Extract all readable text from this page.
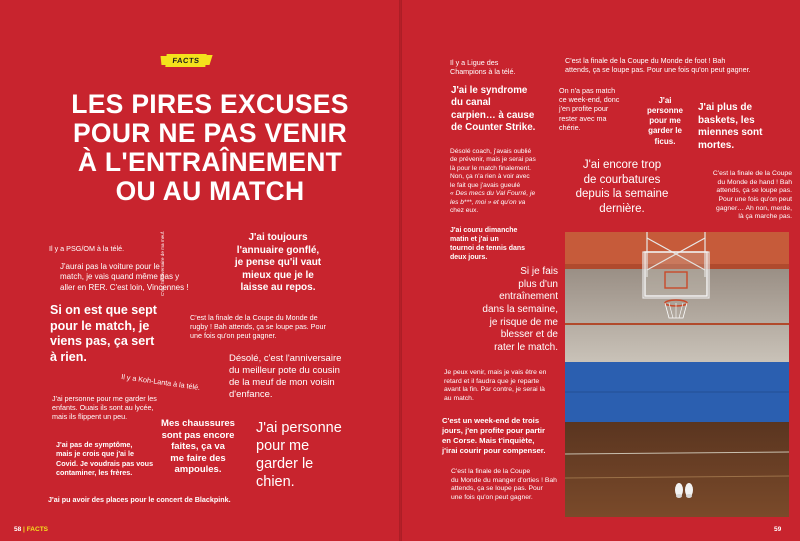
FACTS
LES PIRES EXCUSES
POUR NE PAS VENIR
À L'ENTRAÎNEMENT
OU AU MATCH

Il y a PSG/OM à la télé.

J'aurai pas la voiture pour le
match, je vais quand même pas y
aller en RER. C'est loin, Vincennes !
C'est l'anniversaire de ma meuf.	J'ai toujours
l'annuaire gonflé,
je pense qu'il vaut
mieux que je le
laisse au repos.
Si on est que sept
pour le match, je
viens pas, ça sert
à rien.
C'est la finale de la Coupe du Monde de
rugby ! Bah attends, ça se loupe pas. Pour
une fois qu'on peut gagner.
Désolé, c'est l'anniversaire
du meilleur pote du cousin
de la meuf de mon voisin
d'enfance.

Il y a Koh-Lanta à la télé.

J'ai personne pour me garder les
enfants. Ouais ils sont au lycée,
mais ils flippent un peu.
Mes chaussures
sont pas encore
faites, ça va
me faire des
ampoules.
J'ai personne
pour me
garder le
chien.
J'ai pas de symptôme,
mais je crois que j'ai le
Covid. Je voudrais pas vous
contaminer, les frères.

J'ai pu avoir des places pour le concert de Blackpink.

58 | FACTS
Il y a Ligue des
Champions à la télé.
C'est la finale de la Coupe du Monde de foot ! Bah
attends, ça se loupe pas. Pour une fois qu'on peut gagner.
J'ai le syndrome
du canal
carpien… à cause
de Counter Strike.
On n'a pas match
ce week-end, donc
j'en profite pour
rester avec ma
chérie.
J'ai
personne
pour me
garder le
ficus.
J'ai plus de
baskets, les
miennes sont
mortes.
Désolé coach, j'avais oublié
de prévenir, mais je serai pas
là pour le match finalement.
Non, ça n'a rien à voir avec
le fait que j'avais gueulé
« Des mecs du Val Fourré, je
les b***, moi » et qu'on va
chez eux.
J'ai encore trop
de courbatures
depuis la semaine
dernière.
C'est la finale de la Coupe
du Monde de hand ! Bah
attends, ça se loupe pas.
Pour une fois qu'on peut
gagner… Ah non, merde,
là ça marche pas.
J'ai couru dimanche
matin et j'ai un
tournoi de tennis dans
deux jours.
Si je fais
plus d'un
entraînement
dans la semaine,
je risque de me
blesser et de
rater le match.
Je peux venir, mais je vais être en
retard et il faudra que je reparte
avant la fin. Par contre, je serai là
au match.
C'est un week-end de trois
jours, j'en profite pour partir
en Corse. Mais t'inquiète,
j'irai courir pour compenser.
C'est la finale de la Coupe
du Monde du manger d'orties ! Bah
attends, ça se loupe pas. Pour
une fois qu'on peut gagner.
59
